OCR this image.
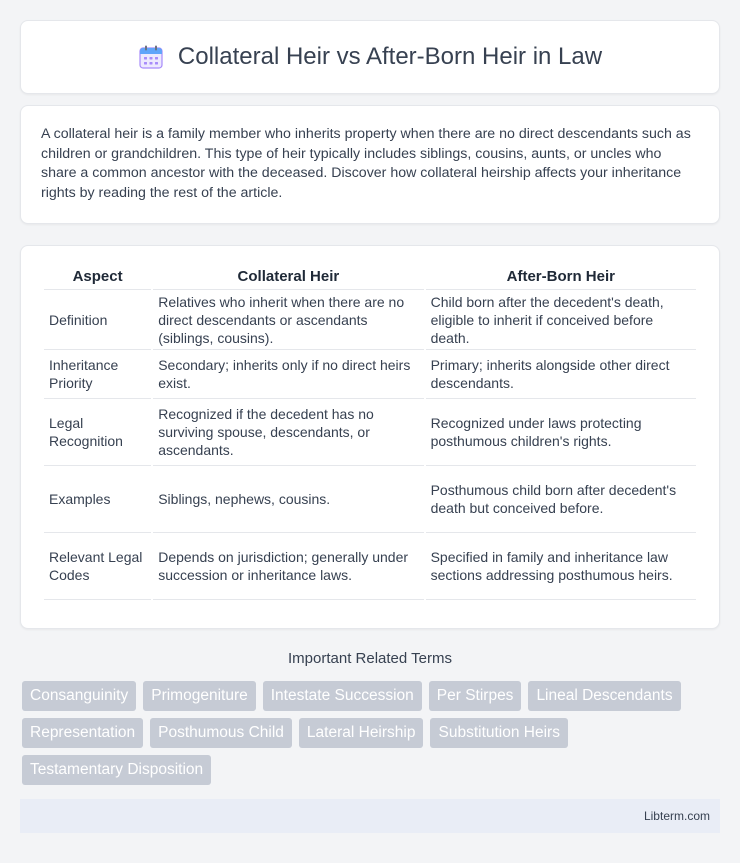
Collateral Heir vs After-Born Heir in Law

A collateral heir is a family member who inherits property when there are no direct descendants such as children or grandchildren. This type of heir typically includes siblings, cousins, aunts, or uncles who share a common ancestor with the deceased. Discover how collateral heirship affects your inheritance rights by reading the rest of the article.

Aspect	Collateral Heir	After-Born Heir
Definition	Relatives who inherit when there are no direct descendants or ascendants (siblings, cousins).	Child born after the decedent's death, eligible to inherit if conceived before death.
Inheritance Priority	Secondary; inherits only if no direct heirs exist.	Primary; inherits alongside other direct descendants.
Legal Recognition	Recognized if the decedent has no surviving spouse, descendants, or ascendants.	Recognized under laws protecting posthumous children's rights.
Examples	Siblings, nephews, cousins.	Posthumous child born after decedent's death but conceived before.
Relevant Legal Codes	Depends on jurisdiction; generally under succession or inheritance laws.	Specified in family and inheritance law sections addressing posthumous heirs.
Important Related Terms
Consanguinity	Primogeniture	Intestate Succession	Per Stirpes	Lineal Descendants
Representation	Posthumous Child	Lateral Heirship	Substitution Heirs
Testamentary Disposition
Libterm.com
